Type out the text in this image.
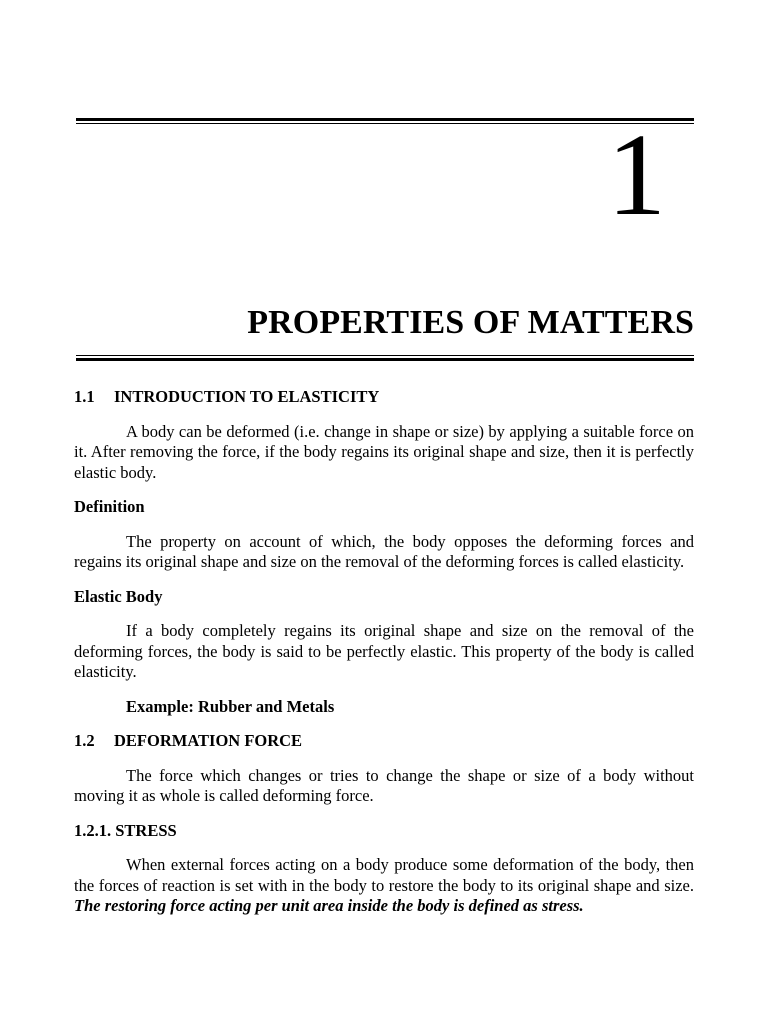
1
PROPERTIES OF MATTERS
1.1 INTRODUCTION TO ELASTICITY

A body can be deformed (i.e. change in shape or size) by applying a suitable force on it. After removing the force, if the body regains its original shape and size, then it is perfectly elastic body.

Definition

The property on account of which, the body opposes the deforming forces and regains its original shape and size on the removal of the deforming forces is called elasticity.

Elastic Body

If a body completely regains its original shape and size on the removal of the deforming forces, the body is said to be perfectly elastic. This property of the body is called elasticity.

Example: Rubber and Metals
1.2 DEFORMATION FORCE

The force which changes or tries to change the shape or size of a body without moving it as whole is called deforming force.

1.2.1. STRESS

When external forces acting on a body produce some deformation of the body, then the forces of reaction is set with in the body to restore the body to its original shape and size. The restoring force acting per unit area inside the body is defined as stress.
